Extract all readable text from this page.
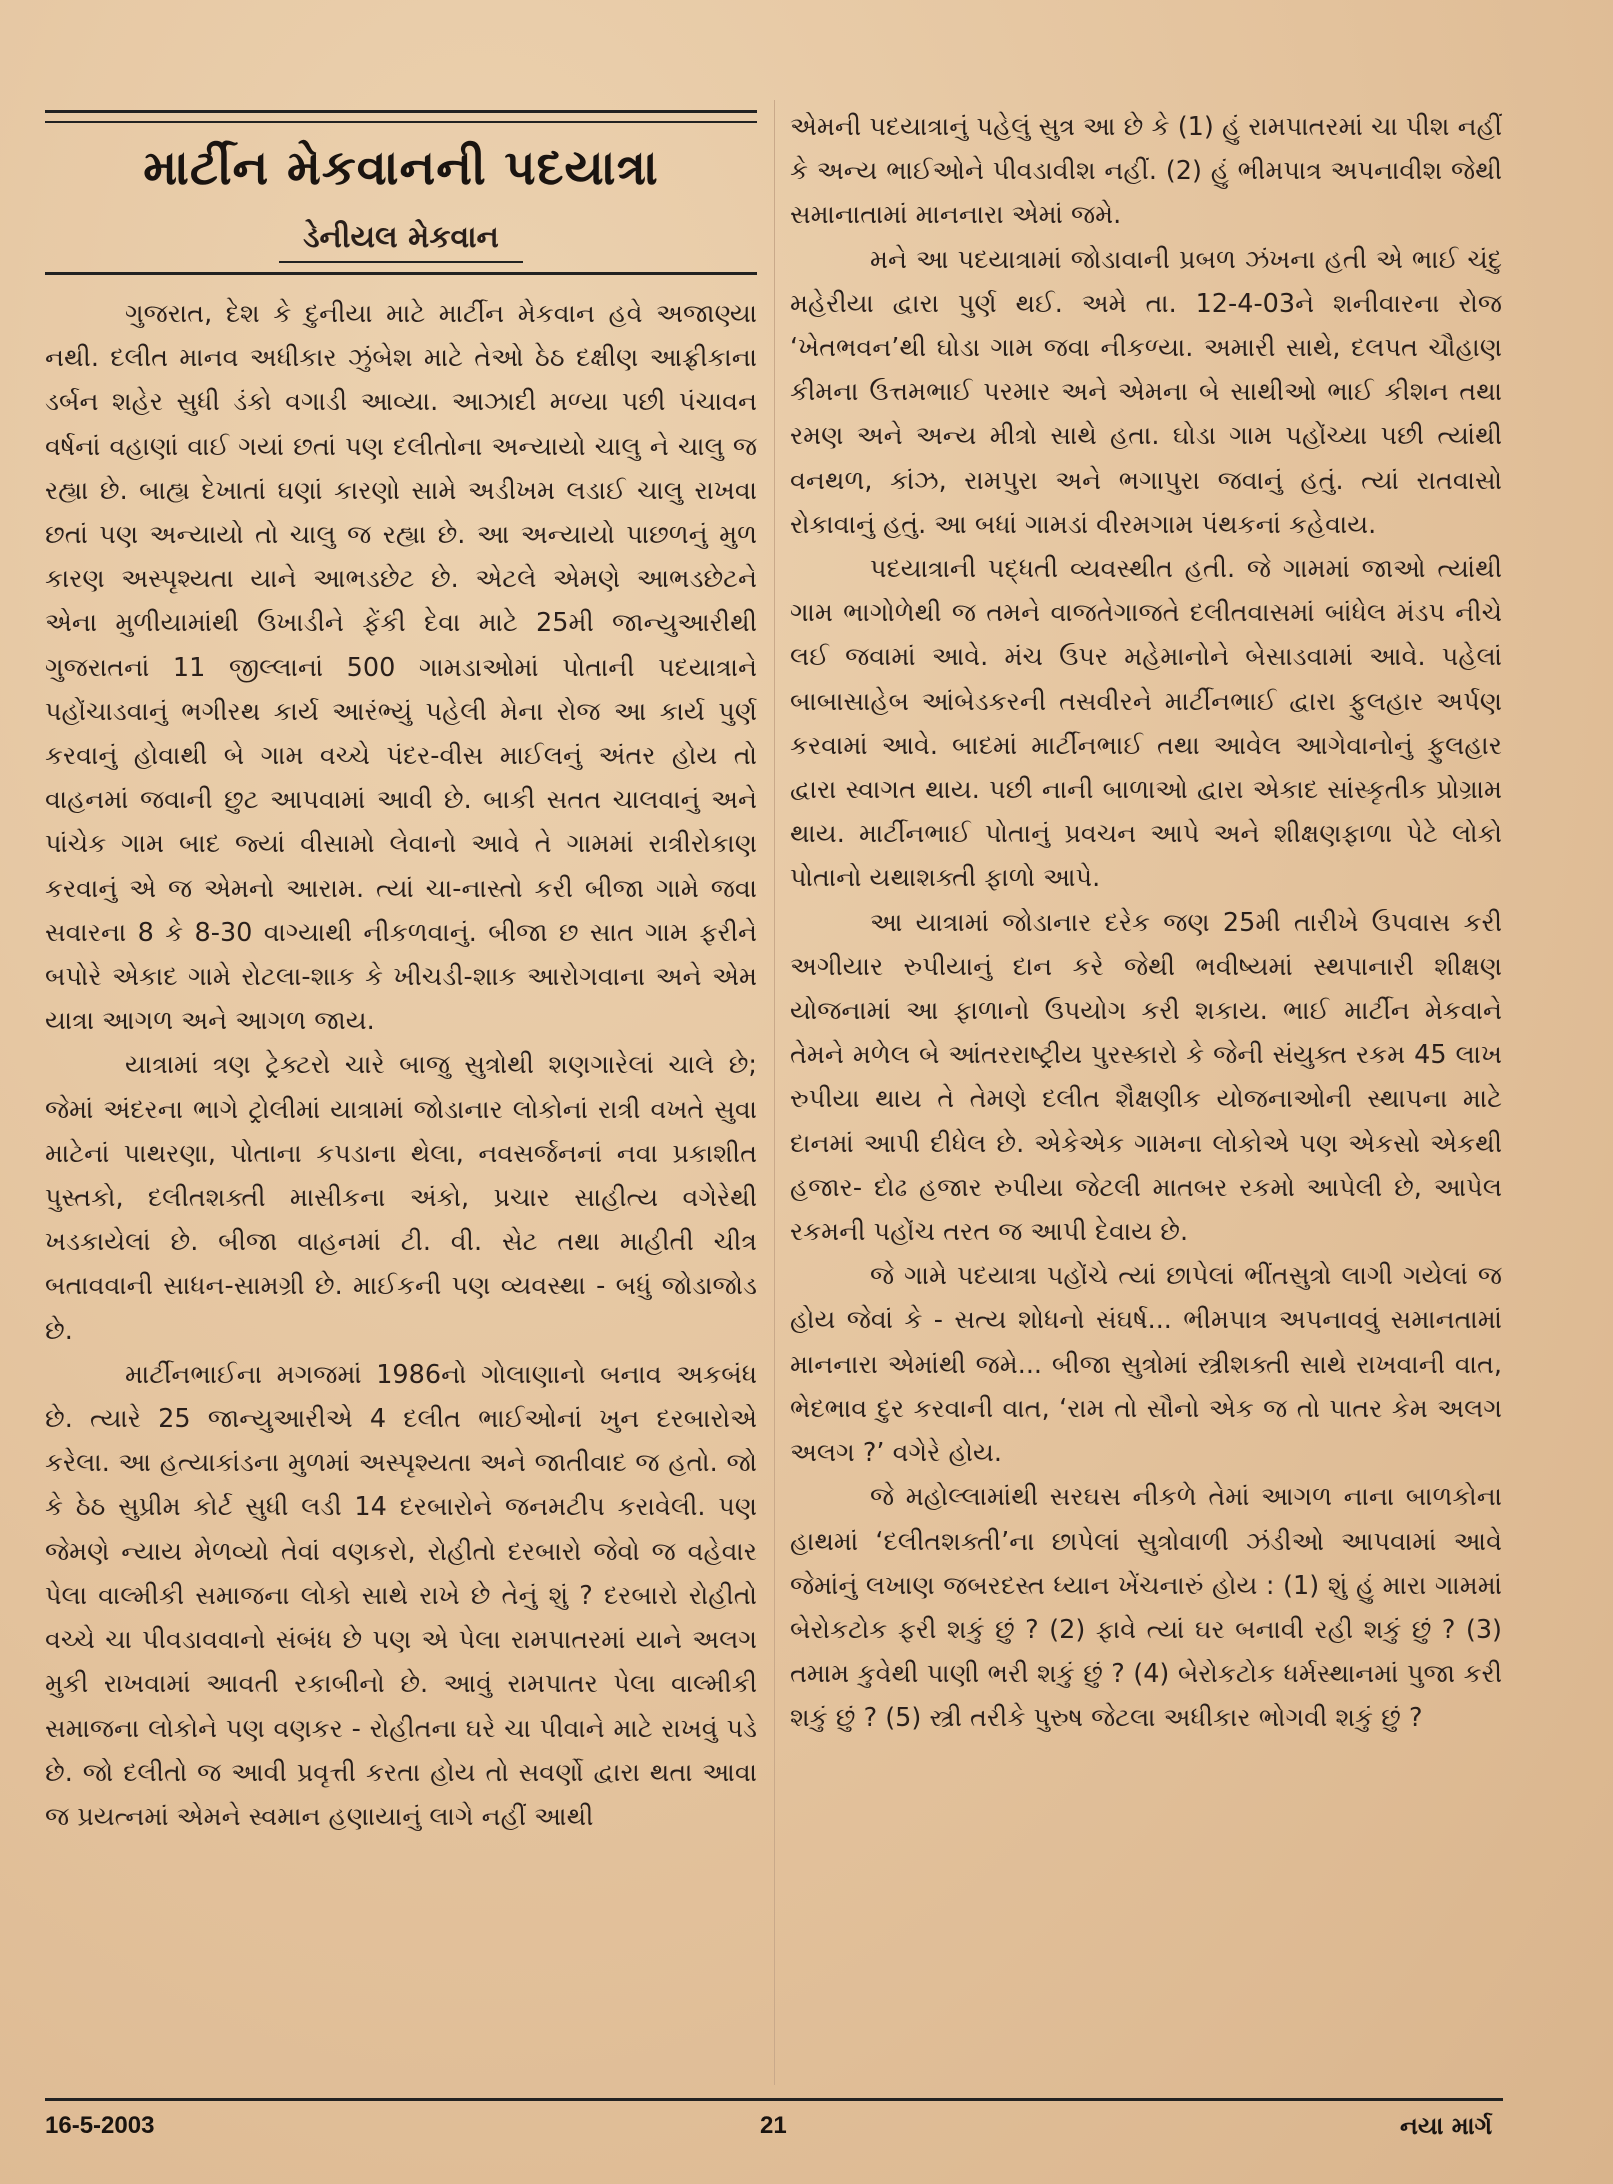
માર્ટીન મેકવાનની પદયાત્રા
ડેનીયલ મેકવાન

ગુજરાત, દેશ કે દુનીયા માટે માર્ટીન મેકવાન હવે અજાણ્યા નથી. દલીત માનવ અધીકાર ઝુંબેશ માટે તેઓ ઠેઠ દક્ષીણ આફ્રીકાના ડર્બન શહેર સુધી ડંકો વગાડી આવ્યા. આઝાદી મળ્યા પછી પંચાવન વર્ષનાં વહાણાં વાઈ ગયાં છતાં પણ દલીતોના અન્યાયો ચાલુ ને ચાલુ જ રહ્યા છે. બાહ્ય દેખાતાં ઘણાં કારણો સામે અડીખમ લડાઈ ચાલુ રાખવા છતાં પણ અન્યાયો તો ચાલુ જ રહ્યા છે. આ અન્યાયો પાછળનું મુળ કારણ અસ્પૃશ્યતા યાને આભડછેટ છે. એટલે એમણે આભડછેટને એના મુળીયામાંથી ઉખાડીને ફેંકી દેવા માટે 25મી જાન્યુઆરીથી ગુજરાતનાં 11 જીલ્લાનાં 500 ગામડાઓમાં પોતાની પદયાત્રાને પહોંચાડવાનું ભગીરથ કાર્ય આરંભ્યું પહેલી મેના રોજ આ કાર્ય પુર્ણ કરવાનું હોવાથી બે ગામ વચ્ચે પંદર-વીસ માઈલનું અંતર હોય તો વાહનમાં જવાની છુટ આપવામાં આવી છે. બાકી સતત ચાલવાનું અને પાંચેક ગામ બાદ જ્યાં વીસામો લેવાનો આવે તે ગામમાં રાત્રીરોકાણ કરવાનું એ જ એમનો આરામ. ત્યાં ચા-નાસ્તો કરી બીજા ગામે જવા સવારના 8 કે 8-30 વાગ્યાથી નીકળવાનું. બીજા છ સાત ગામ ફરીને બપોરે એકાદ ગામે રોટલા-શાક કે ખીચડી-શાક આરોગવાના અને એમ યાત્રા આગળ અને આગળ જાય.

યાત્રામાં ત્રણ ટ્રેક્ટરો ચારે બાજુ સુત્રોથી શણગારેલાં ચાલે છે; જેમાં અંદરના ભાગે ટ્રોલીમાં યાત્રામાં જોડાનાર લોકોનાં રાત્રી વખતે સુવા માટેનાં પાથરણા, પોતાના કપડાના થેલા, નવસર્જનનાં નવા પ્રકાશીત પુસ્તકો, દલીતશક્તી માસીકના અંકો, પ્રચાર સાહીત્ય વગેરેથી ખડકાયેલાં છે. બીજા વાહનમાં ટી. વી. સેટ તથા માહીતી ચીત્ર બતાવવાની સાધન-સામગ્રી છે. માઈકની પણ વ્યવસ્થા - બધું જોડાજોડ છે.

માર્ટીનભાઈના મગજમાં 1986નો ગોલાણાનો બનાવ અકબંધ છે. ત્યારે 25 જાન્યુઆરીએ 4 દલીત ભાઈઓનાં ખુન દરબારોએ કરેલા. આ હત્યાકાંડના મુળમાં અસ્પૃશ્યતા અને જાતીવાદ જ હતો. જો કે ઠેઠ સુપ્રીમ કોર્ટ સુધી લડી 14 દરબારોને જનમટીપ કરાવેલી. પણ જેમણે ન્યાય મેળવ્યો તેવાં વણકરો, રોહીતો દરબારો જેવો જ વહેવાર પેલા વાલ્મીકી સમાજના લોકો સાથે રાખે છે તેનું શું ? દરબારો રોહીતો વચ્ચે ચા પીવડાવવાનો સંબંધ છે પણ એ પેલા રામપાતરમાં યાને અલગ મુકી રાખવામાં આવતી રકાબીનો છે. આવું રામપાતર પેલા વાલ્મીકી સમાજના લોકોને પણ વણકર - રોહીતના ઘરે ચા પીવાને માટે રાખવું પડે છે. જો દલીતો જ આવી પ્રવૃત્તી કરતા હોય તો સવર્ણો દ્વારા થતા આવા જ પ્રયત્નમાં એમને સ્વમાન હણાયાનું લાગે નહીં આથી

એમની પદયાત્રાનું પહેલું સુત્ર આ છે કે (1) હું રામપાતરમાં ચા પીશ નહીં કે અન્ય ભાઈઓને પીવડાવીશ નહીં. (2) હું ભીમપાત્ર અપનાવીશ જેથી સમાનાતામાં માનનારા એમાં જમે.

મને આ પદયાત્રામાં જોડાવાની પ્રબળ ઝંખના હતી એ ભાઈ ચંદુ મહેરીયા દ્વારા પુર્ણ થઈ. અમે તા. 12-4-03ને શનીવારના રોજ ‘ખેતભવન’થી ઘોડા ગામ જવા નીકળ્યા. અમારી સાથે, દલપત ચૌહાણ કીમના ઉત્તમભાઈ પરમાર અને એમના બે સાથીઓ ભાઈ કીશન તથા રમણ અને અન્ય મીત્રો સાથે હતા. ઘોડા ગામ પહોંચ્યા પછી ત્યાંથી વનથળ, કાંઝ, રામપુરા અને ભગાપુરા જવાનું હતું. ત્યાં રાતવાસો રોકાવાનું હતું. આ બધાં ગામડાં વીરમગામ પંથકનાં કહેવાય.

પદયાત્રાની પદ્ધતી વ્યવસ્થીત હતી. જે ગામમાં જાઓ ત્યાંથી ગામ ભાગોળેથી જ તમને વાજતેગાજતે દલીતવાસમાં બાંધેલ મંડપ નીચે લઈ જવામાં આવે. મંચ ઉપર મહેમાનોને બેસાડવામાં આવે. પહેલાં બાબાસાહેબ આંબેડકરની તસવીરને માર્ટીનભાઈ દ્વારા ફુલહાર અર્પણ કરવામાં આવે. બાદમાં માર્ટીનભાઈ તથા આવેલ આગેવાનોનું ફુલહાર દ્વારા સ્વાગત થાય. પછી નાની બાળાઓ દ્વારા એકાદ સાંસ્કૃતીક પ્રોગ્રામ થાય. માર્ટીનભાઈ પોતાનું પ્રવચન આપે અને શીક્ષણફાળા પેટે લોકો પોતાનો યથાશક્તી ફાળો આપે.

આ યાત્રામાં જોડાનાર દરેક જણ 25મી તારીખે ઉપવાસ કરી અગીયાર રુપીયાનું દાન કરે જેથી ભવીષ્યમાં સ્થપાનારી શીક્ષણ યોજનામાં આ ફાળાનો ઉપયોગ કરી શકાય. ભાઈ માર્ટીન મેકવાને તેમને મળેલ બે આંતરરાષ્ટ્રીય પુરસ્કારો કે જેની સંયુક્ત રકમ 45 લાખ રુપીયા થાય તે તેમણે દલીત શૈક્ષણીક યોજનાઓની સ્થાપના માટે દાનમાં આપી દીધેલ છે. એકેએક ગામના લોકોએ પણ એકસો એકથી હજાર- દોઢ હજાર રુપીયા જેટલી માતબર રકમો આપેલી છે, આપેલ રકમની પહોંચ તરત જ આપી દેવાય છે.

જે ગામે પદયાત્રા પહોંચે ત્યાં છાપેલાં ભીંતસુત્રો લાગી ગયેલાં જ હોય જેવાં કે - સત્ય શોધનો સંઘર્ષ... ભીમપાત્ર અપનાવવું સમાનતામાં માનનારા એમાંથી જમે... બીજા સુત્રોમાં સ્ત્રીશક્તી સાથે રાખવાની વાત, ભેદભાવ દુર કરવાની વાત, ‘રામ તો સૌનો એક જ તો પાતર કેમ અલગ અલગ ?’ વગેરે હોય.

જે મહોલ્લામાંથી સરઘસ નીકળે તેમાં આગળ નાના બાળકોના હાથમાં ‘દલીતશક્તી’ના છાપેલાં સુત્રોવાળી ઝંડીઓ આપવામાં આવે જેમાંનું લખાણ જબરદસ્ત ધ્યાન ખેંચનારું હોય : (1) શું હું મારા ગામમાં બેરોકટોક ફરી શકું છું ? (2) ફાવે ત્યાં ઘર બનાવી રહી શકું છું ? (3) તમામ કુવેથી પાણી ભરી શકું છું ? (4) બેરોકટોક ધર્મસ્થાનમાં પુજા કરી શકું છું ? (5) સ્ત્રી તરીકે પુરુષ જેટલા અધીકાર ભોગવી શકું છું ?

16-5-2003	21	નયા માર્ગ
